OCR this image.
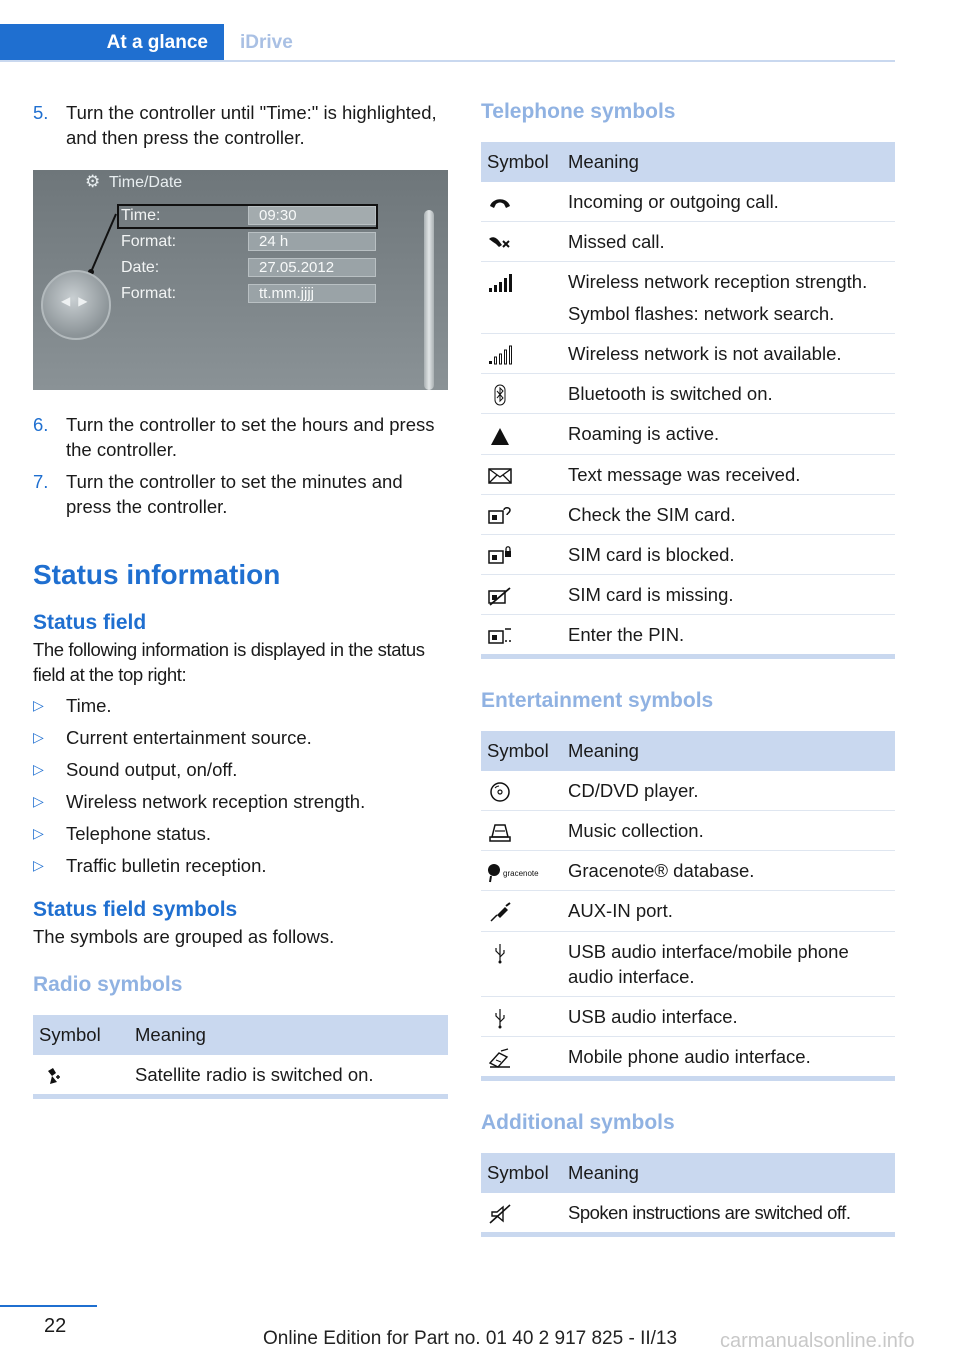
At a glance	iDrive
5. Turn the controller until "Time:" is highlighted, and then press the controller.
⚙ Time/Date
Time:	09:30
Format:	24 h
Date:	27.05.2012
Format:	tt.mm.jjjj
◀▶
6. Turn the controller to set the hours and press the controller.
7. Turn the controller to set the minutes and press the controller.
Status information
Status field

The following information is displayed in the status field at the top right:

▷ Time.
▷ Current entertainment source.
▷ Sound output, on/off.
▷ Wireless network reception strength.
▷ Telephone status.
▷ Traffic bulletin reception.
Status field symbols

The symbols are grouped as follows.

Radio symbols
Symbol	Meaning
	Satellite radio is switched on.
Telephone symbols
Symbol	Meaning
	Incoming or outgoing call.
	Missed call.

Wireless network reception strength.
Symbol flashes: network search.

	Wireless network is not available.
	Bluetooth is switched on.
	Roaming is active.
	Text message was received.
	Check the SIM card.
	SIM card is blocked.
	SIM card is missing.
	Enter the PIN.
Entertainment symbols
Symbol	Meaning
	CD/DVD player.
	Music collection.

gracenote	Gracenote® database.
	AUX-IN port.
	USB audio interface/mobile phone audio interface.
	USB audio interface.
	Mobile phone audio interface.
Additional symbols
Symbol	Meaning
	Spoken instructions are switched off.
22
Online Edition for Part no. 01 40 2 917 825 - II/13 carmanualsonline.info
